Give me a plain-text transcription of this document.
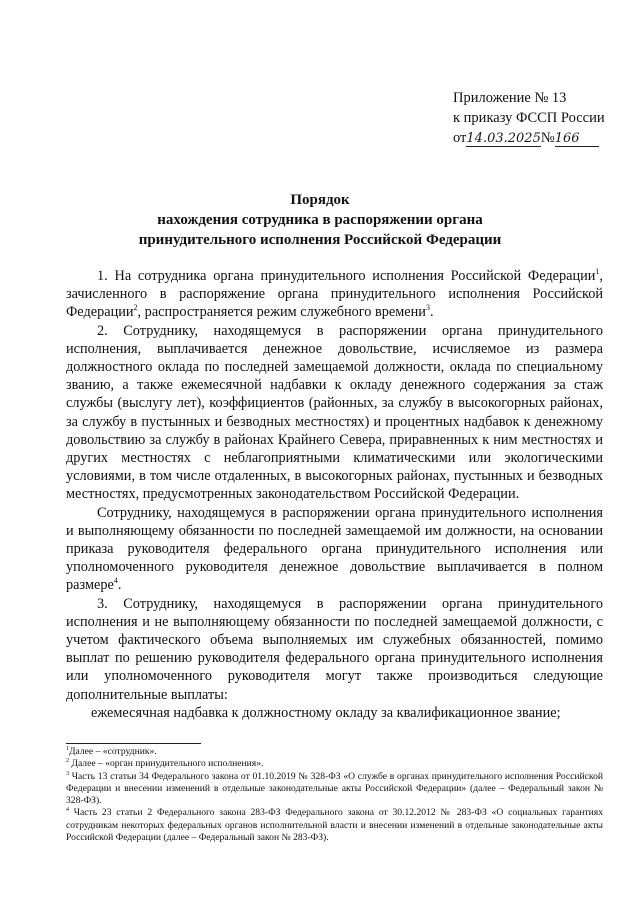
Приложение № 13
к приказу ФССП России
от14.03.2025№166
Порядок
нахождения сотрудника в распоряжении органа
принудительного исполнения Российской Федерации

1. На сотрудника органа принудительного исполнения Российской Федерации$^1$, зачисленного в распоряжение органа принудительного исполнения Российской Федерации$^2$, распространяется режим служебного времени$^3$.

2. Сотруднику, находящемуся в распоряжении органа принудительного исполнения, выплачивается денежное довольствие, исчисляемое из размера должностного оклада по последней замещаемой должности, оклада по специальному званию, а также ежемесячной надбавки к окладу денежного содержания за стаж службы (выслугу лет), коэффициентов (районных, за службу в высокогорных районах, за службу в пустынных и безводных местностях) и процентных надбавок к денежному довольствию за службу в районах Крайнего Севера, приравненных к ним местностях и других местностях с неблагоприятными климатическими или экологическими условиями, в том числе отдаленных, в высокогорных районах, пустынных и безводных местностях, предусмотренных законодательством Российской Федерации.

Сотруднику, находящемуся в распоряжении органа принудительного исполнения и выполняющему обязанности по последней замещаемой им должности, на основании приказа руководителя федерального органа принудительного исполнения или уполномоченного руководителя денежное довольствие выплачивается в полном размере$^4$.

3. Сотруднику, находящемуся в распоряжении органа принудительного исполнения и не выполняющему обязанности по последней замещаемой должности, с учетом фактического объема выполняемых им служебных обязанностей, помимо выплат по решению руководителя федерального органа принудительного исполнения или уполномоченного руководителя могут также производиться следующие дополнительные выплаты:

ежемесячная надбавка к должностному окладу за квалификационное звание;

$^1$Далее – «сотрудник».

$^2$ Далее – «орган принудительного исполнения».

$^3$ Часть 13 статьи 34 Федерального закона от 01.10.2019 № 328-ФЗ «О службе в органах принудительного исполнения Российской Федерации и внесении изменений в отдельные законодательные акты Российской Федерации» (далее – Федеральный закон № 328-ФЗ).

$^4$ Часть 23 статьи 2 Федерального закона 283-ФЗ Федерального закона от 30.12.2012 № 283-ФЗ «О социальных гарантиях сотрудникам некоторых федеральных органов исполнительной власти и внесении изменений в отдельные законодательные акты Российской Федерации (далее – Федеральный закон № 283-ФЗ).
